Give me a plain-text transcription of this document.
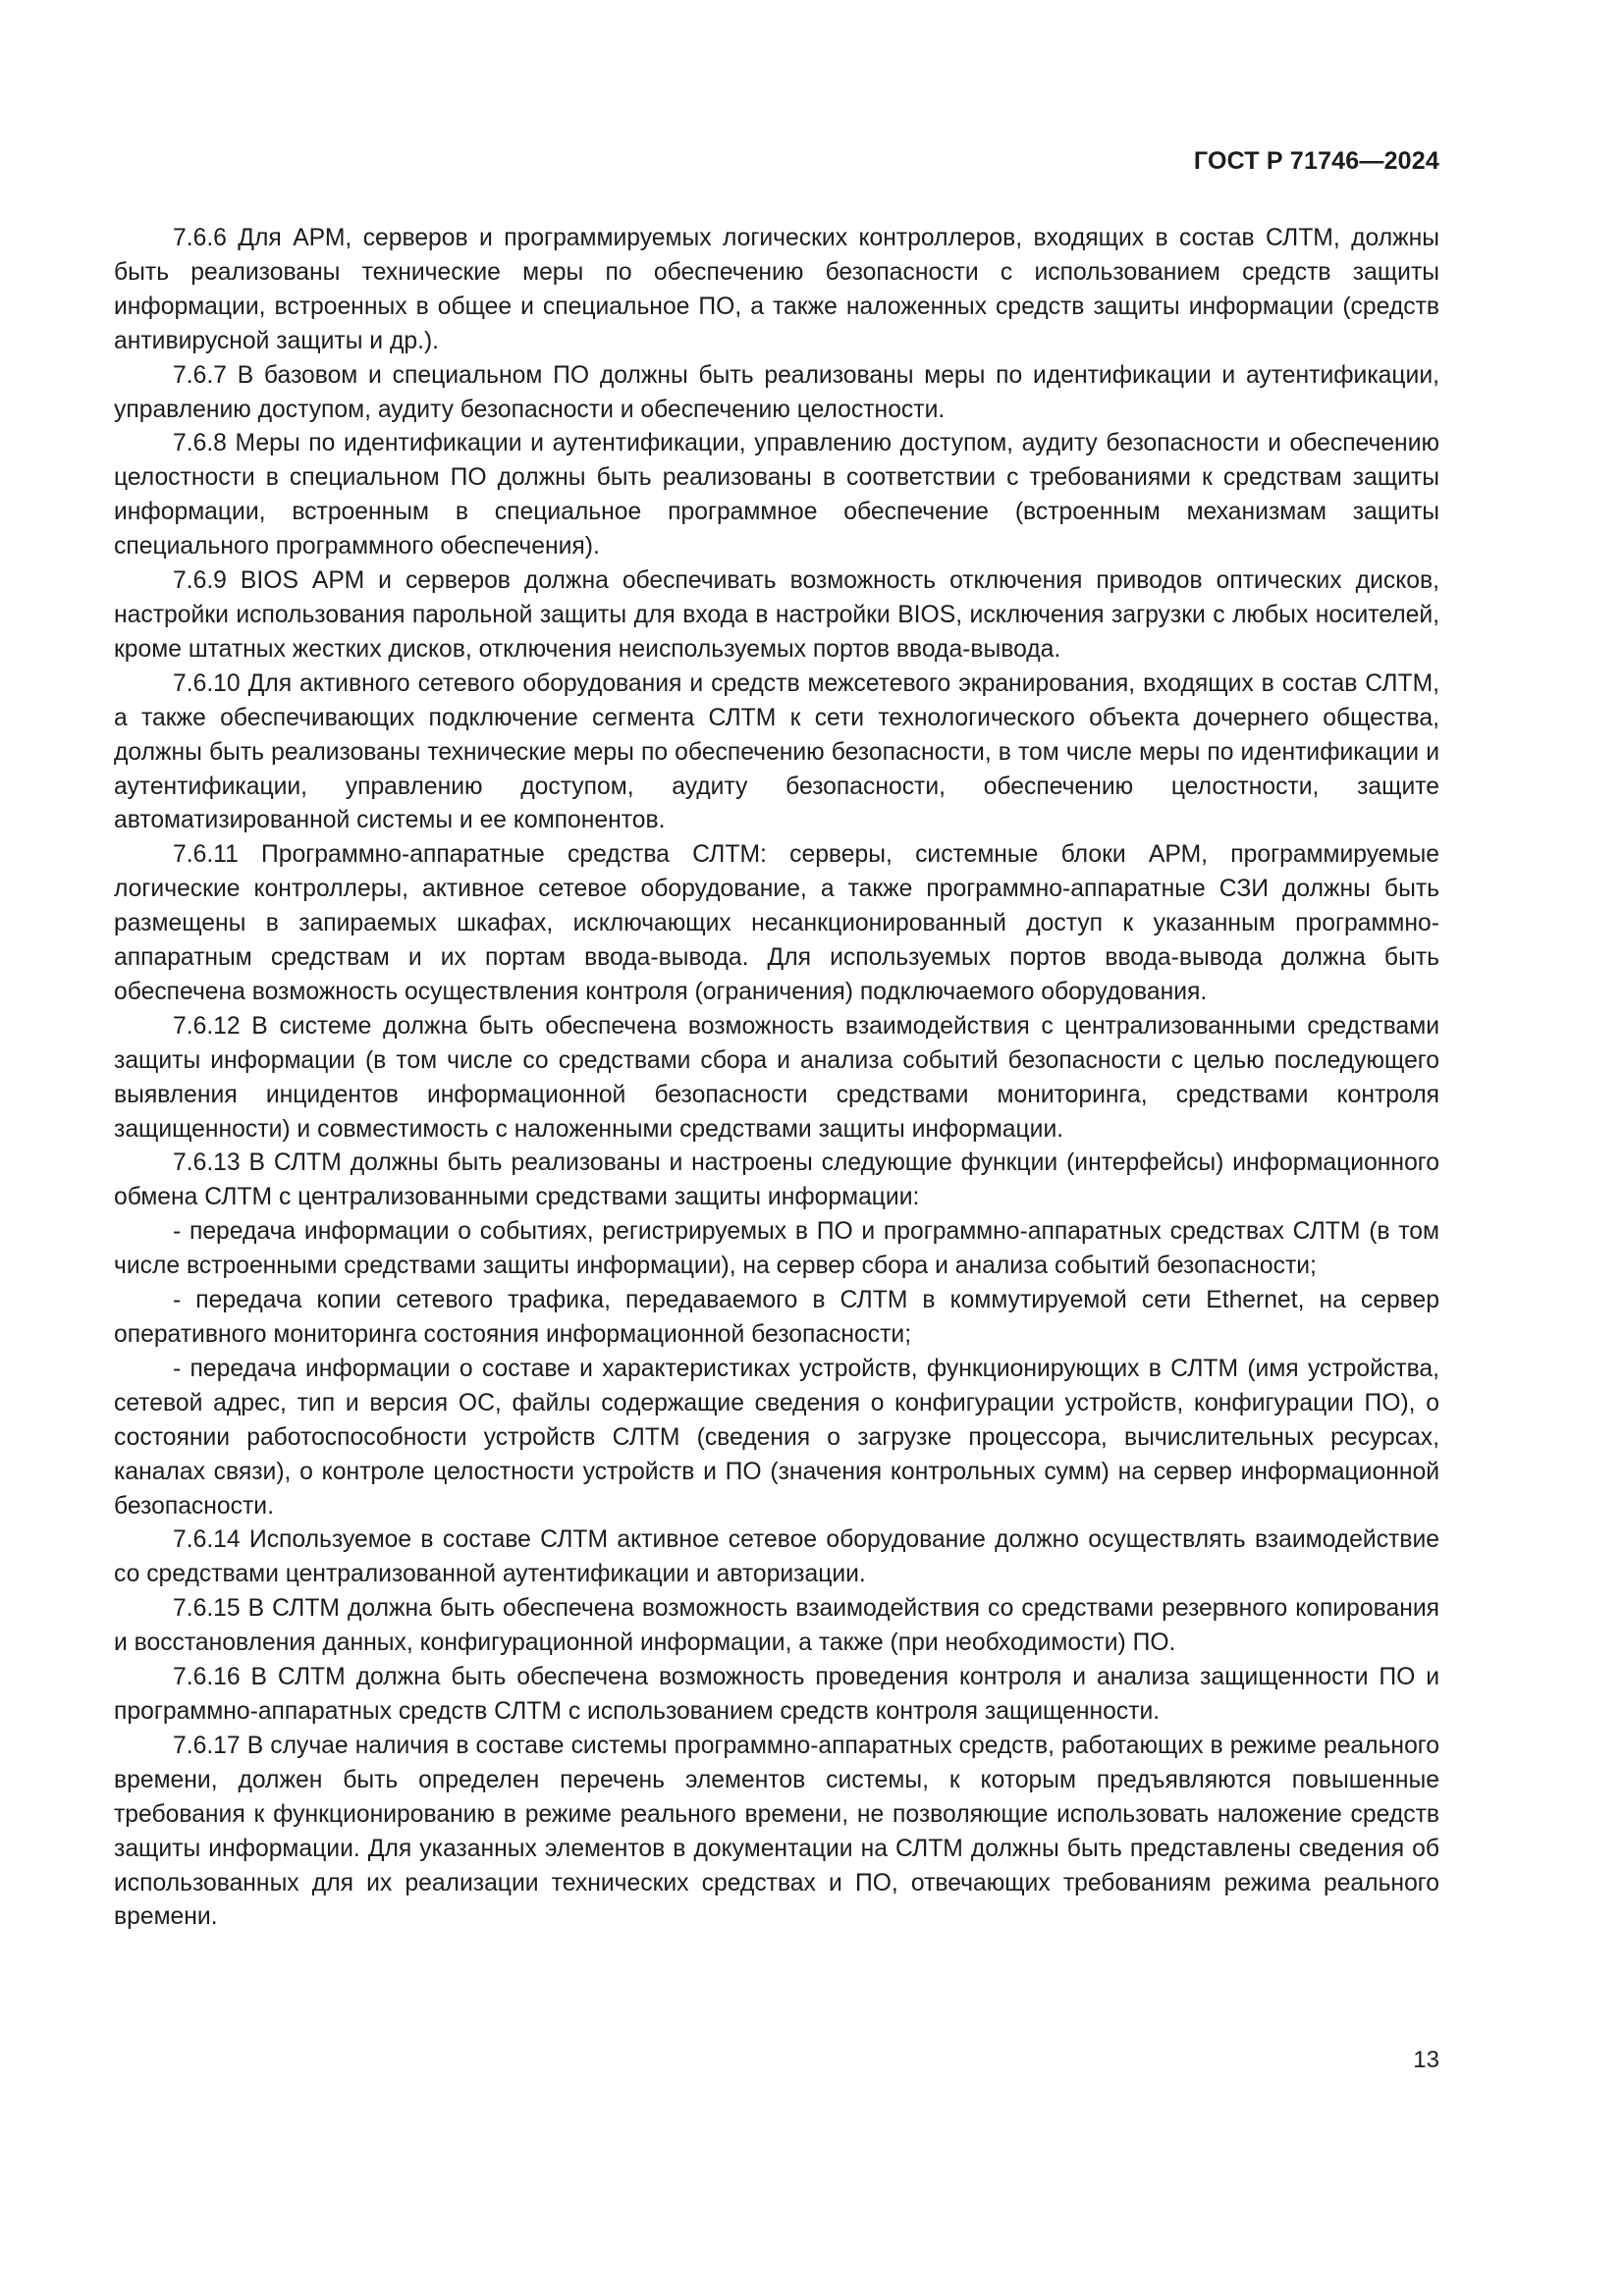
ГОСТ Р 71746—2024

7.6.6 Для АРМ, серверов и программируемых логических контроллеров, входящих в состав СЛТМ, должны быть реализованы технические меры по обеспечению безопасности с использованием средств защиты информации, встроенных в общее и специальное ПО, а также наложенных средств защиты информации (средств антивирусной защиты и др.).

7.6.7 В базовом и специальном ПО должны быть реализованы меры по идентификации и аутентификации, управлению доступом, аудиту безопасности и обеспечению целостности.

7.6.8 Меры по идентификации и аутентификации, управлению доступом, аудиту безопасности и обеспечению целостности в специальном ПО должны быть реализованы в соответствии с требованиями к средствам защиты информации, встроенным в специальное программное обеспечение (встроенным механизмам защиты специального программного обеспечения).

7.6.9 BIOS АРМ и серверов должна обеспечивать возможность отключения приводов оптических дисков, настройки использования парольной защиты для входа в настройки BIOS, исключения загрузки с любых носителей, кроме штатных жестких дисков, отключения неиспользуемых портов ввода-вывода.

7.6.10 Для активного сетевого оборудования и средств межсетевого экранирования, входящих в состав СЛТМ, а также обеспечивающих подключение сегмента СЛТМ к сети технологического объекта дочернего общества, должны быть реализованы технические меры по обеспечению безопасности, в том числе меры по идентификации и аутентификации, управлению доступом, аудиту безопасности, обеспечению целостности, защите автоматизированной системы и ее компонентов.

7.6.11 Программно-аппаратные средства СЛТМ: серверы, системные блоки АРМ, программируемые логические контроллеры, активное сетевое оборудование, а также программно-аппаратные СЗИ должны быть размещены в запираемых шкафах, исключающих несанкционированный доступ к указанным программно-аппаратным средствам и их портам ввода-вывода. Для используемых портов ввода-вывода должна быть обеспечена возможность осуществления контроля (ограничения) подключаемого оборудования.

7.6.12 В системе должна быть обеспечена возможность взаимодействия с централизованными средствами защиты информации (в том числе со средствами сбора и анализа событий безопасности с целью последующего выявления инцидентов информационной безопасности средствами мониторинга, средствами контроля защищенности) и совместимость с наложенными средствами защиты информации.

7.6.13 В СЛТМ должны быть реализованы и настроены следующие функции (интерфейсы) информационного обмена СЛТМ с централизованными средствами защиты информации:

- передача информации о событиях, регистрируемых в ПО и программно-аппаратных средствах СЛТМ (в том числе встроенными средствами защиты информации), на сервер сбора и анализа событий безопасности;

- передача копии сетевого трафика, передаваемого в СЛТМ в коммутируемой сети Ethernet, на сервер оперативного мониторинга состояния информационной безопасности;

- передача информации о составе и характеристиках устройств, функционирующих в СЛТМ (имя устройства, сетевой адрес, тип и версия ОС, файлы содержащие сведения о конфигурации устройств, конфигурации ПО), о состоянии работоспособности устройств СЛТМ (сведения о загрузке процессора, вычислительных ресурсах, каналах связи), о контроле целостности устройств и ПО (значения контрольных сумм) на сервер информационной безопасности.

7.6.14 Используемое в составе СЛТМ активное сетевое оборудование должно осуществлять взаимодействие со средствами централизованной аутентификации и авторизации.

7.6.15 В СЛТМ должна быть обеспечена возможность взаимодействия со средствами резервного копирования и восстановления данных, конфигурационной информации, а также (при необходимости) ПО.

7.6.16 В СЛТМ должна быть обеспечена возможность проведения контроля и анализа защищенности ПО и программно-аппаратных средств СЛТМ с использованием средств контроля защищенности.

7.6.17 В случае наличия в составе системы программно-аппаратных средств, работающих в режиме реального времени, должен быть определен перечень элементов системы, к которым предъявляются повышенные требования к функционированию в режиме реального времени, не позволяющие использовать наложение средств защиты информации. Для указанных элементов в документации на СЛТМ должны быть представлены сведения об использованных для их реализации технических средствах и ПО, отвечающих требованиям режима реального времени.

13
